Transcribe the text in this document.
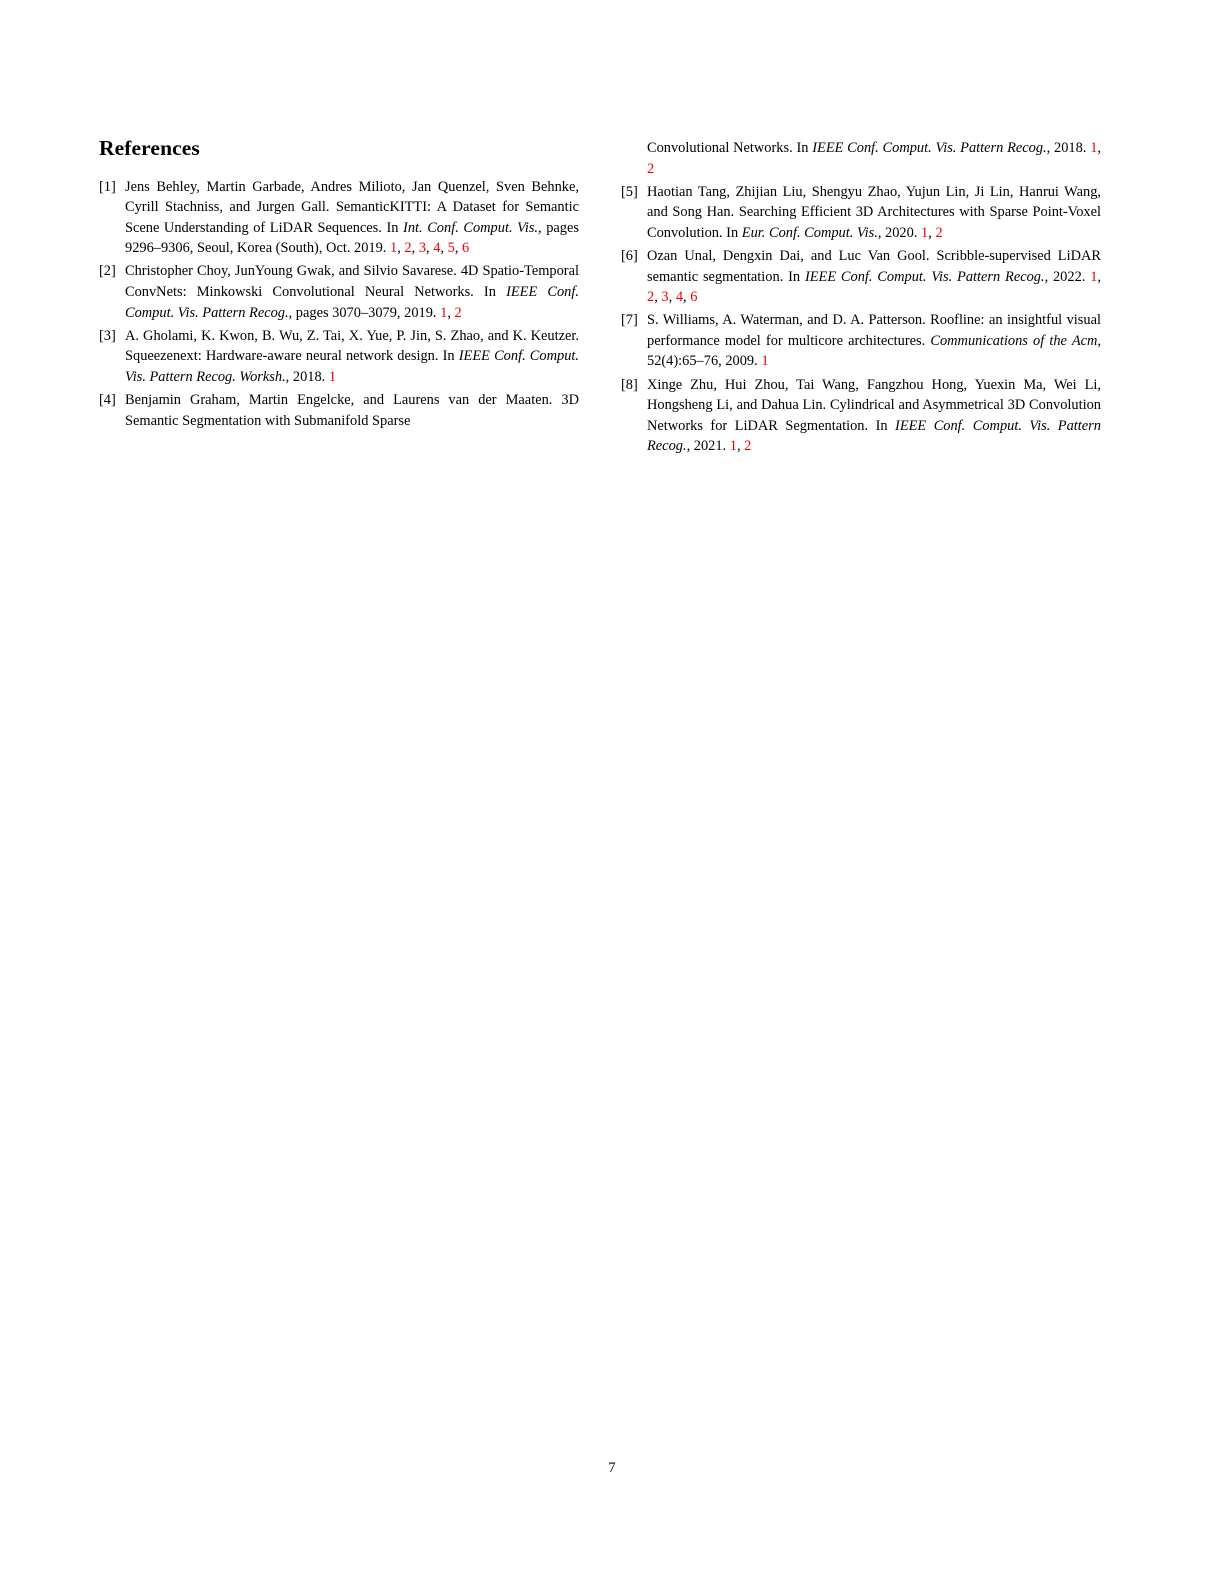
References
[1] Jens Behley, Martin Garbade, Andres Milioto, Jan Quenzel, Sven Behnke, Cyrill Stachniss, and Jurgen Gall. SemanticKITTI: A Dataset for Semantic Scene Understanding of LiDAR Sequences. In Int. Conf. Comput. Vis., pages 9296–9306, Seoul, Korea (South), Oct. 2019. 1, 2, 3, 4, 5, 6
[2] Christopher Choy, JunYoung Gwak, and Silvio Savarese. 4D Spatio-Temporal ConvNets: Minkowski Convolutional Neural Networks. In IEEE Conf. Comput. Vis. Pattern Recog., pages 3070–3079, 2019. 1, 2
[3] A. Gholami, K. Kwon, B. Wu, Z. Tai, X. Yue, P. Jin, S. Zhao, and K. Keutzer. Squeezenext: Hardware-aware neural network design. In IEEE Conf. Comput. Vis. Pattern Recog. Worksh., 2018. 1
[4] Benjamin Graham, Martin Engelcke, and Laurens van der Maaten. 3D Semantic Segmentation with Submanifold Sparse
Convolutional Networks. In IEEE Conf. Comput. Vis. Pattern Recog., 2018. 1, 2
[5] Haotian Tang, Zhijian Liu, Shengyu Zhao, Yujun Lin, Ji Lin, Hanrui Wang, and Song Han. Searching Efficient 3D Architectures with Sparse Point-Voxel Convolution. In Eur. Conf. Comput. Vis., 2020. 1, 2
[6] Ozan Unal, Dengxin Dai, and Luc Van Gool. Scribble-supervised LiDAR semantic segmentation. In IEEE Conf. Comput. Vis. Pattern Recog., 2022. 1, 2, 3, 4, 6
[7] S. Williams, A. Waterman, and D. A. Patterson. Roofline: an insightful visual performance model for multicore architectures. Communications of the Acm, 52(4):65–76, 2009. 1
[8] Xinge Zhu, Hui Zhou, Tai Wang, Fangzhou Hong, Yuexin Ma, Wei Li, Hongsheng Li, and Dahua Lin. Cylindrical and Asymmetrical 3D Convolution Networks for LiDAR Segmentation. In IEEE Conf. Comput. Vis. Pattern Recog., 2021. 1, 2
7
